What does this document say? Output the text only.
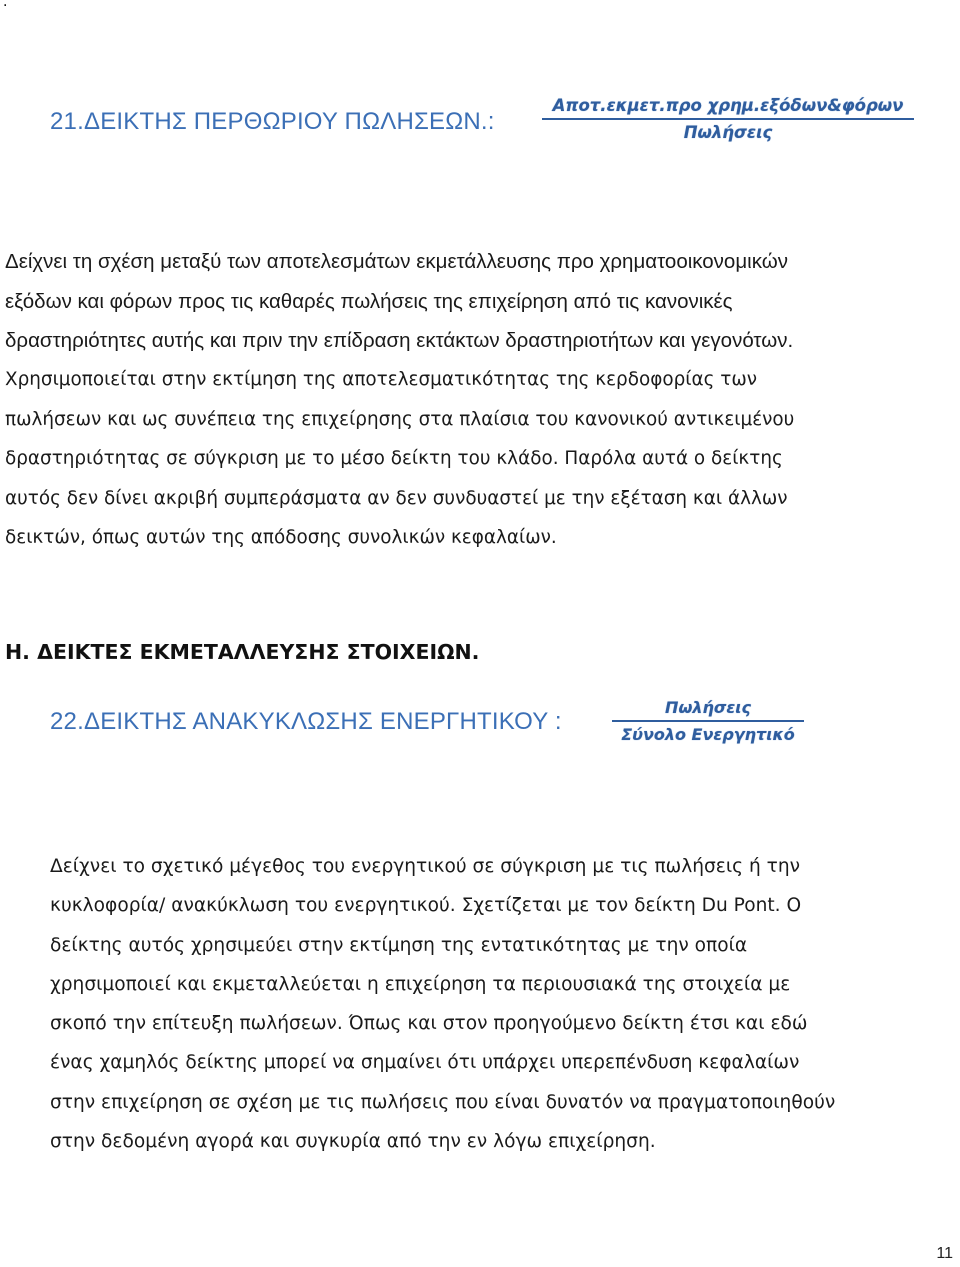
.
21.ΔΕΙΚΤΗΣ ΠΕΡΘΩΡΙΟΥ ΠΩΛΗΣΕΩΝ.:
Αποτ.εκμετ.προ χρημ.εξόδων&φόρων
Πωλήσεις

Δείχνει τη σχέση μεταξύ των αποτελεσμάτων εκμετάλλευσης προ χρηματοοικονομικών
εξόδων και φόρων προς τις καθαρές πωλήσεις της επιχείρηση από τις κανονικές
δραστηριότητες αυτής και πριν την επίδραση εκτάκτων δραστηριοτήτων και γεγονότων.

Χρησιμοποιείται στην εκτίμηση της αποτελεσματικότητας της κερδοφορίας των
πωλήσεων και ως συνέπεια της επιχείρησης στα πλαίσια του κανονικού αντικειμένου
δραστηριότητας σε σύγκριση με το μέσο δείκτη του κλάδο. Παρόλα αυτά ο δείκτης
αυτός δεν δίνει ακριβή συμπεράσματα αν δεν συνδυαστεί με την εξέταση και άλλων
δεικτών, όπως αυτών της απόδοσης συνολικών κεφαλαίων.

Η. ΔΕΙΚΤΕΣ ΕΚΜΕΤΑΛΛΕΥΣΗΣ ΣΤΟΙΧΕΙΩΝ.
22.ΔΕΙΚΤΗΣ ΑΝΑΚΥΚΛΩΣΗΣ ΕΝΕΡΓΗΤΙΚΟΥ :
Πωλήσεις
Σύνολο Ενεργητικό

Δείχνει το σχετικό μέγεθος του ενεργητικού σε σύγκριση με τις πωλήσεις ή την
κυκλοφορία/ ανακύκλωση του ενεργητικού. Σχετίζεται με τον δείκτη Du Pont. Ο
δείκτης αυτός χρησιμεύει στην εκτίμηση της εντατικότητας με την οποία
χρησιμοποιεί και εκμεταλλεύεται η επιχείρηση τα περιουσιακά της στοιχεία με
σκοπό την επίτευξη πωλήσεων. Όπως και στον προηγούμενο δείκτη έτσι και εδώ
ένας χαμηλός δείκτης μπορεί να σημαίνει ότι υπάρχει υπερεπένδυση κεφαλαίων
στην επιχείρηση σε σχέση με τις πωλήσεις που είναι δυνατόν να πραγματοποιηθούν
στην δεδομένη αγορά και συγκυρία από την εν λόγω επιχείρηση.

11
